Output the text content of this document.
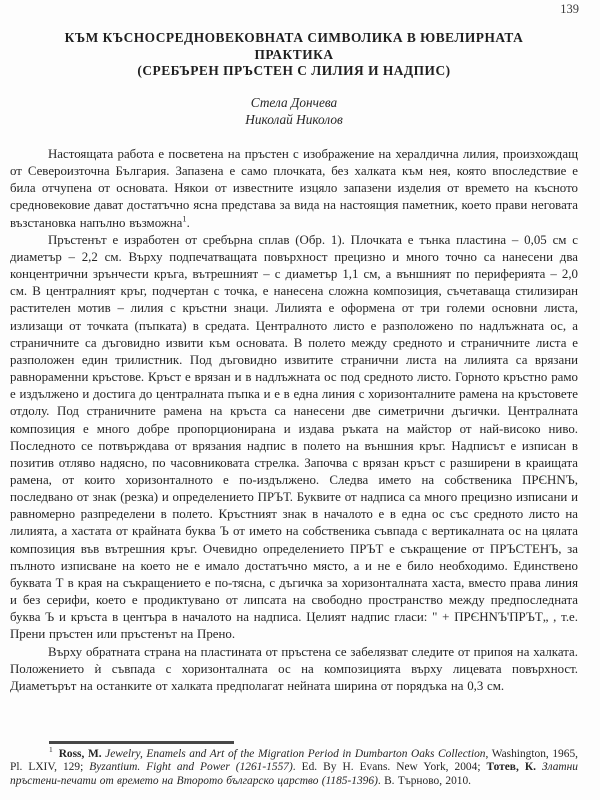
139
КЪМ КЪСНОСРЕДНОВЕКОВНАТА СИМВОЛИКА В ЮВЕЛИРНАТА
ПРАКТИКА
(СРЕБЪРЕН ПРЪСТЕН С ЛИЛИЯ И НАДПИС)
Стела Дончева
Николай Николов

Настоящата работа е посветена на пръстен с изображение на хералдична лилия, произхождащ от Североизточна България. Запазена е само плочката, без халката към нея, която впоследствие е била отчупена от основата. Някои от известните изцяло запазени изделия от времето на късното средновековие дават достатъчно ясна представа за вида на настоящия паметник, което прави неговата възстановка напълно възможна$^1$.

Пръстенът е изработен от сребърна сплав (Обр. 1). Плочката е тънка пластина – 0,05 см с диаметър – 2,2 см. Върху подпечатващата повърхност прецизно и много точно са нанесени два концентрични зрънчести кръга, вътрешният – с диаметър 1,1 см, а външният по периферията – 2,0 см. В централният кръг, подчертан с точка, е нанесена сложна композиция, съчетаваща стилизиран растителен мотив – лилия с кръстни знаци. Лилията е оформена от три големи основни листа, излизащи от точката (пъпката) в средата. Централното листо е разположено по надлъжната ос, а страничните са дъговидно извити към основата. В полето между средното и страничните листа е разположен един трилистник. Под дъговидно извитите странични листа на лилията са врязани равнораменни кръстове. Кръст е врязан и в надлъжната ос под средното листо. Горното кръстно рамо е издължено и достига до централната пъпка и е в една линия с хоризонталните рамена на кръстовете отдолу. Под страничните рамена на кръста са нанесени две симетрични дъгички. Централната композиция е много добре пропорционирана и издава ръката на майстор от най-високо ниво. Последното се потвърждава от врязания надпис в полето на външния кръг. Надписът е изписан в позитив отляво надясно, по часовниковата стрелка. Започва с врязан кръст с разширени в краищата рамена, от които хоризонталното е по-издължено. Следва името на собственика ПРЄНNЪ, последвано от знак (резка) и определението ПРЪТ. Буквите от надписа са много прецизно изписани и равномерно разпределени в полето. Кръстният знак в началото е в една ос със средното листо на лилията, а хастата от крайната буква Ъ от името на собственика съвпада с вертикалната ос на цялата композиция във вътрешния кръг. Очевидно определението ПРЪТ е съкращение от ПРЪСТЕНЪ, за пълното изписване на което не е имало достатъчно място, а и не е било необходимо. Единствено буквата Т в края на съкращението е по-тясна, с дъгичка за хоризонталната хаста, вместо права линия и без серифи, което е продиктувано от липсата на свободно пространство между предпоследната буква Ъ и кръста в центъра в началото на надписа. Целият надпис гласи: " + ПРЄНNЪ'ПРЪТ„ , т.е. Прени пръстен или пръстенът на Прено.

Върху обратната страна на пластината от пръстена се забелязват следите от припоя на халката. Положението ѝ съвпада с хоризонталната ос на композицията върху лицевата повърхност. Диаметърът на останките от халката предполагат нейната ширина от порядъка на 0,3 см.

$^1$ Ross, M. Jewelry, Enamels and Art of the Migration Period in Dumbarton Oaks Collection, Washington, 1965, Pl. LXIV, 129; Byzantium. Fight and Power (1261-1557). Ed. By H. Evans. New York, 2004; Тотев, К. Златни пръстени-печати от времето на Второто българско царство (1185-1396). В. Търново, 2010.
